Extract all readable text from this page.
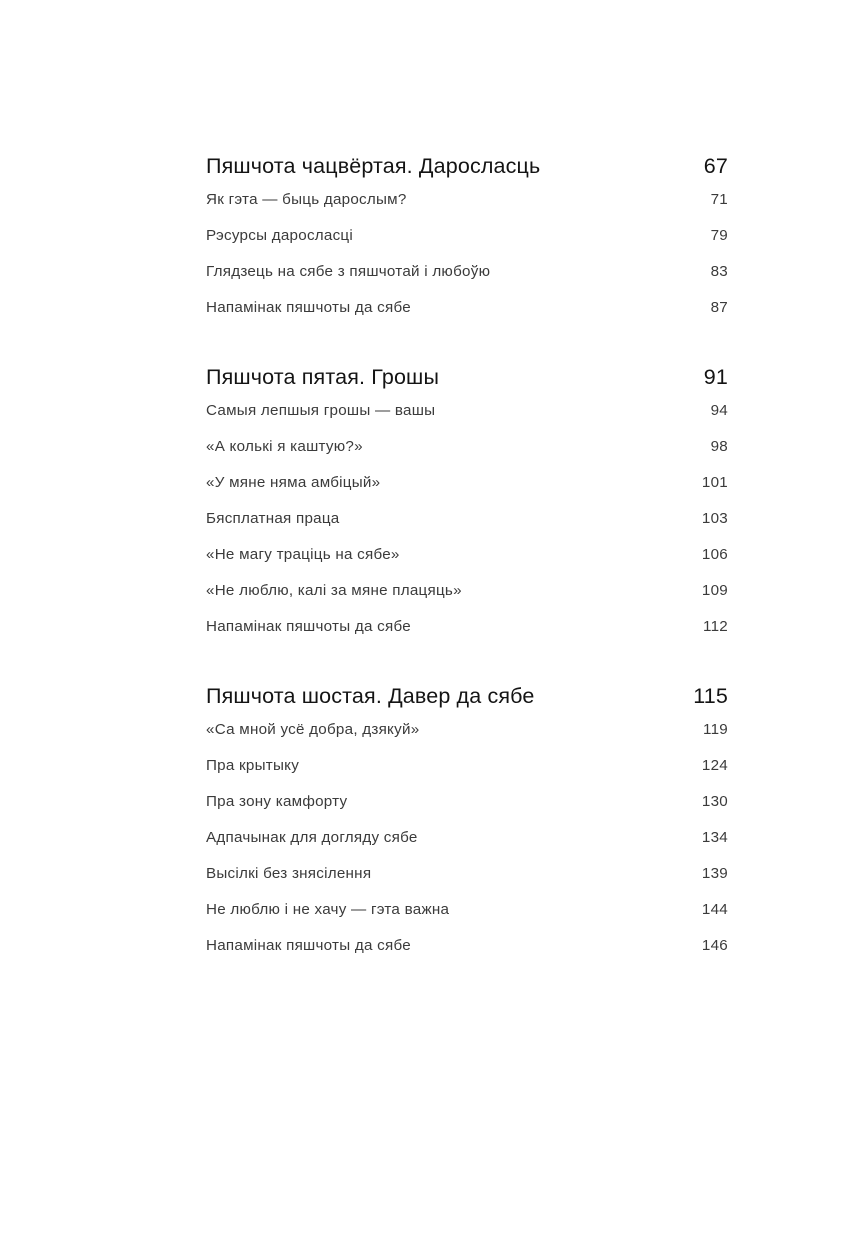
Пяшчота чацвёртая. Дарослaсць	67
Як гэта — быць дарослым?	71
Рэсурсы дарослaсці	79
Глядзець на сябе з пяшчотай і любоўю	83
Напамінак пяшчоты да сябе	87
Пяшчота пятая. Грошы	91
Самыя лепшыя грошы — вашы	94
«А колькі я каштую?»	98
«У мяне няма амбіцый»	101
Бясплатная праца	103
«Не магу траціць на сябе»	106
«Не люблю, калі за мяне плацяць»	109
Напамінак пяшчоты да сябе	112
Пяшчота шостая. Давер да сябе	115
«Са мной усё добра, дзякуй»	119
Пра крытыку	124
Пра зону камфорту	130
Адпачынак для догляду сябе	134
Высілкі без знясілення	139
Не люблю і не хачу — гэта важна	144
Напамінак пяшчоты да сябе	146
